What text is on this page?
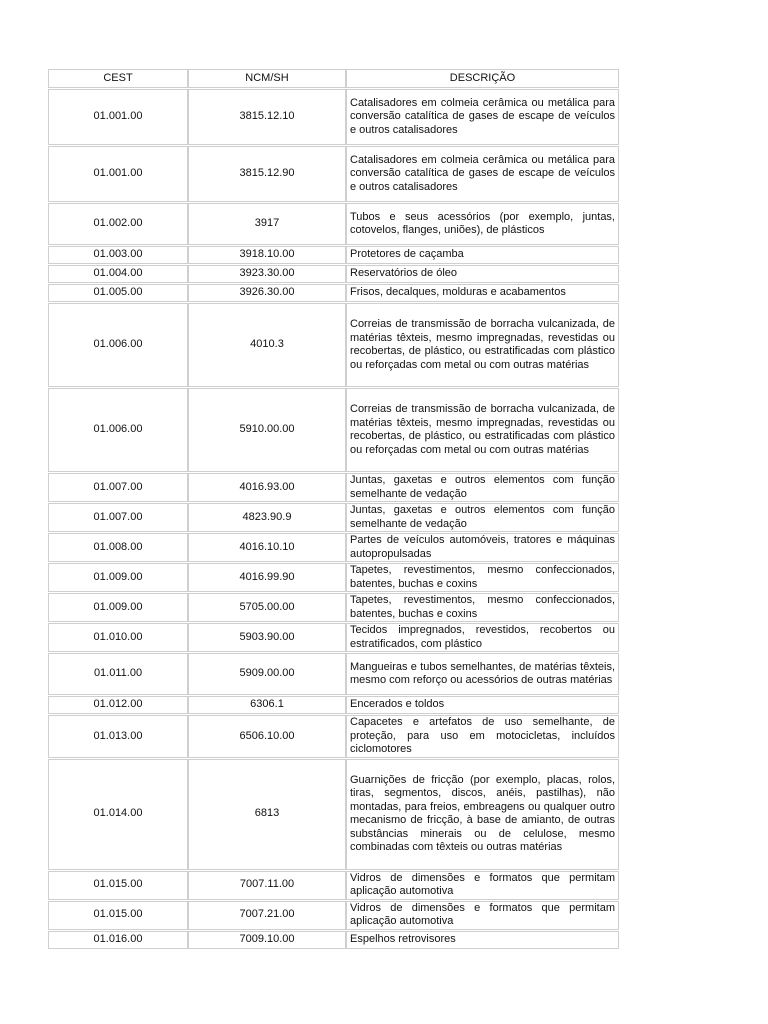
CEST	NCM/SH	DESCRIÇÃO
01.001.00	3815.12.10	Catalisadores em colmeia cerâmica ou metálica para conversão catalítica de gases de escape de veículos e outros catalisadores
01.001.00	3815.12.90	Catalisadores em colmeia cerâmica ou metálica para conversão catalítica de gases de escape de veículos e outros catalisadores
01.002.00	3917	Tubos e seus acessórios (por exemplo, juntas, cotovelos, flanges, uniões), de plásticos
01.003.00	3918.10.00	Protetores de caçamba
01.004.00	3923.30.00	Reservatórios de óleo
01.005.00	3926.30.00	Frisos, decalques, molduras e acabamentos
01.006.00	4010.3	Correias de transmissão de borracha vulcanizada, de matérias têxteis, mesmo impregnadas, revestidas ou recobertas, de plástico, ou estratificadas com plástico ou reforçadas com metal ou com outras matérias
01.006.00	5910.00.00	Correias de transmissão de borracha vulcanizada, de matérias têxteis, mesmo impregnadas, revestidas ou recobertas, de plástico, ou estratificadas com plástico ou reforçadas com metal ou com outras matérias
01.007.00	4016.93.00	Juntas, gaxetas e outros elementos com função semelhante de vedação
01.007.00	4823.90.9	Juntas, gaxetas e outros elementos com função semelhante de vedação
01.008.00	4016.10.10	Partes de veículos automóveis, tratores e máquinas autopropulsadas
01.009.00	4016.99.90	Tapetes, revestimentos, mesmo confeccionados, batentes, buchas e coxins
01.009.00	5705.00.00	Tapetes, revestimentos, mesmo confeccionados, batentes, buchas e coxins
01.010.00	5903.90.00	Tecidos impregnados, revestidos, recobertos ou estratificados, com plástico
01.011.00	5909.00.00	Mangueiras e tubos semelhantes, de matérias têxteis, mesmo com reforço ou acessórios de outras matérias
01.012.00	6306.1	Encerados e toldos
01.013.00	6506.10.00	Capacetes e artefatos de uso semelhante, de proteção, para uso em motocicletas, incluídos ciclomotores
01.014.00	6813	Guarnições de fricção (por exemplo, placas, rolos, tiras, segmentos, discos, anéis, pastilhas), não montadas, para freios, embreagens ou qualquer outro mecanismo de fricção, à base de amianto, de outras substâncias minerais ou de celulose, mesmo combinadas com têxteis ou outras matérias
01.015.00	7007.11.00	Vidros de dimensões e formatos que permitam aplicação automotiva
01.015.00	7007.21.00	Vidros de dimensões e formatos que permitam aplicação automotiva
01.016.00	7009.10.00	Espelhos retrovisores
